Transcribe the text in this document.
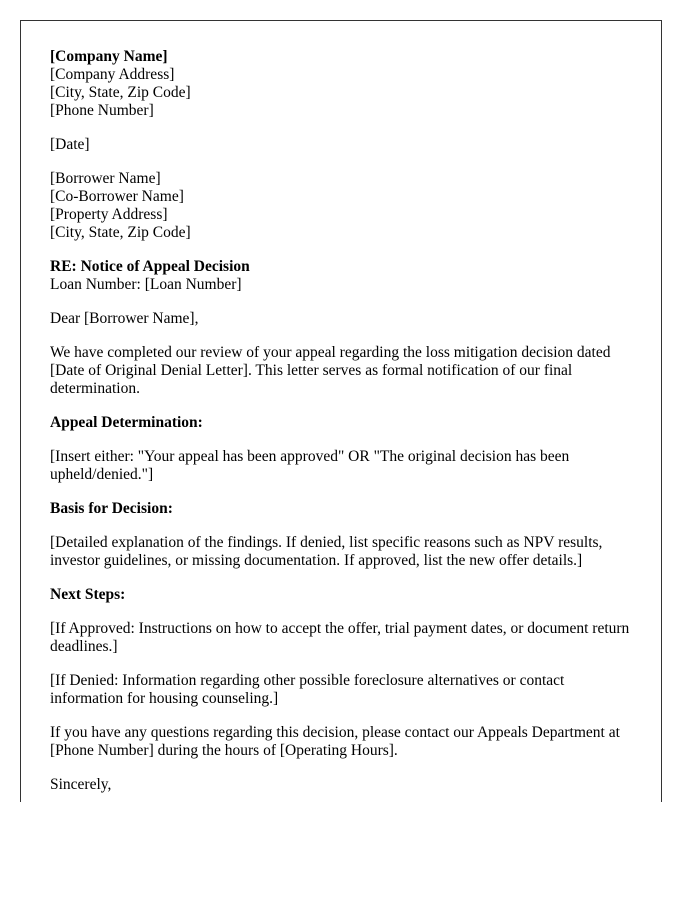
[Company Name]
[Company Address]
[City, State, Zip Code]
[Phone Number]

[Date]

[Borrower Name]
[Co-Borrower Name]
[Property Address]
[City, State, Zip Code]

RE: Notice of Appeal Decision
Loan Number: [Loan Number]

Dear [Borrower Name],

We have completed our review of your appeal regarding the loss mitigation decision dated [Date of Original Denial Letter]. This letter serves as formal notification of our final determination.

Appeal Determination:

[Insert either: "Your appeal has been approved" OR "The original decision has been upheld/denied."]

Basis for Decision:

[Detailed explanation of the findings. If denied, list specific reasons such as NPV results, investor guidelines, or missing documentation. If approved, list the new offer details.]

Next Steps:

[If Approved: Instructions on how to accept the offer, trial payment dates, or document return deadlines.]

[If Denied: Information regarding other possible foreclosure alternatives or contact information for housing counseling.]

If you have any questions regarding this decision, please contact our Appeals Department at [Phone Number] during the hours of [Operating Hours].

Sincerely,
